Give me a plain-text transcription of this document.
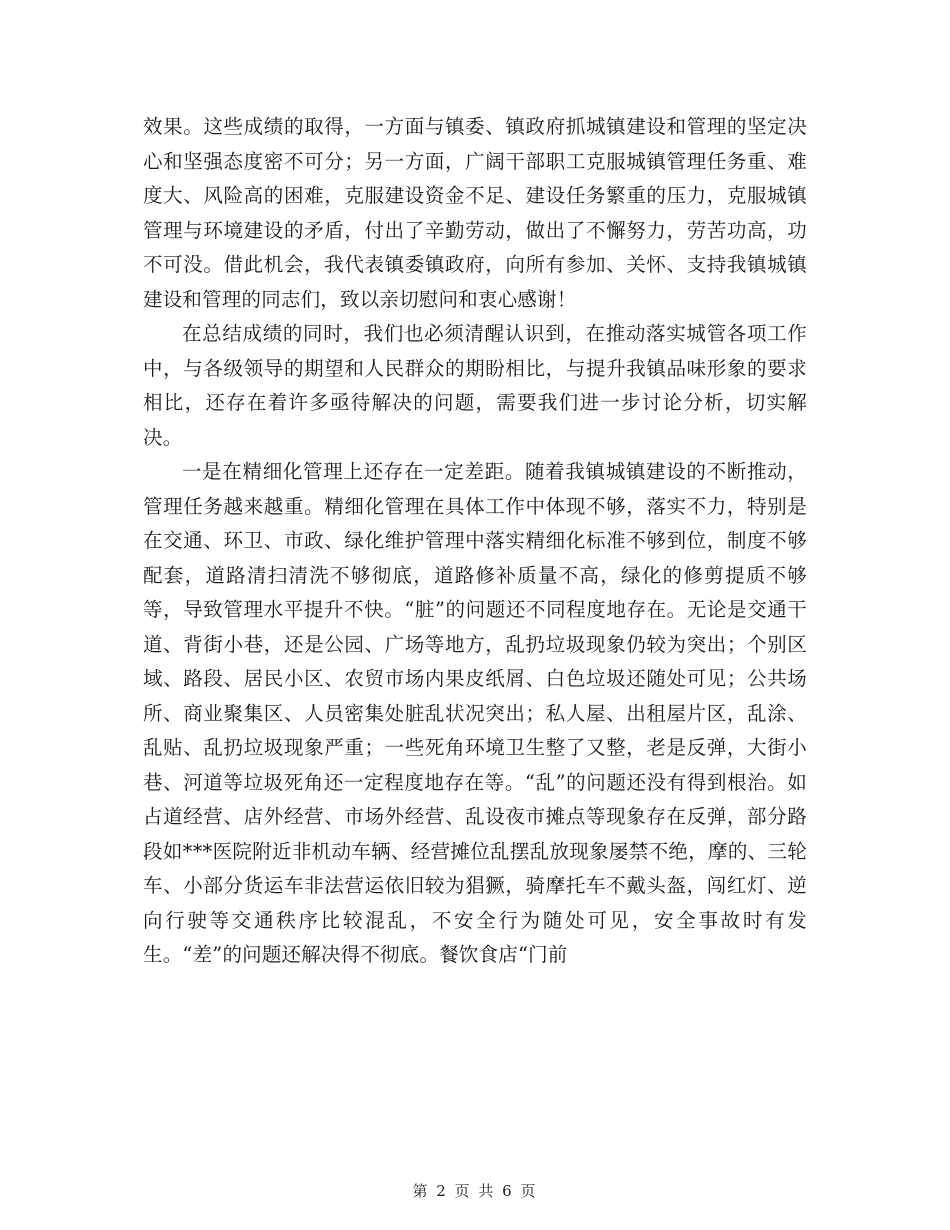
效果。这些成绩的取得，一方面与镇委、镇政府抓城镇建设和管理的坚定决心和坚强态度密不可分；另一方面，广阔干部职工克服城镇管理任务重、难度大、风险高的困难，克服建设资金不足、建设任务繁重的压力，克服城镇管理与环境建设的矛盾，付出了辛勤劳动，做出了不懈努力，劳苦功高，功不可没。借此机会，我代表镇委镇政府，向所有参加、关怀、支持我镇城镇建设和管理的同志们，致以亲切慰问和衷心感谢！

在总结成绩的同时，我们也必须清醒认识到，在推动落实城管各项工作中，与各级领导的期望和人民群众的期盼相比，与提升我镇品味形象的要求相比，还存在着许多亟待解决的问题，需要我们进一步讨论分析，切实解决。

一是在精细化管理上还存在一定差距。随着我镇城镇建设的不断推动，管理任务越来越重。精细化管理在具体工作中体现不够，落实不力，特别是在交通、环卫、市政、绿化维护管理中落实精细化标准不够到位，制度不够配套，道路清扫清洗不够彻底，道路修补质量不高，绿化的修剪提质不够等，导致管理水平提升不快。“脏”的问题还不同程度地存在。无论是交通干道、背街小巷，还是公园、广场等地方，乱扔垃圾现象仍较为突出；个别区域、路段、居民小区、农贸市场内果皮纸屑、白色垃圾还随处可见；公共场所、商业聚集区、人员密集处脏乱状况突出；私人屋、出租屋片区，乱涂、乱贴、乱扔垃圾现象严重；一些死角环境卫生整了又整，老是反弹，大街小巷、河道等垃圾死角还一定程度地存在等。“乱”的问题还没有得到根治。如占道经营、店外经营、市场外经营、乱设夜市摊点等现象存在反弹，部分路段如***医院附近非机动车辆、经营摊位乱摆乱放现象屡禁不绝，摩的、三轮车、小部分货运车非法营运依旧较为猖獗，骑摩托车不戴头盔，闯红灯、逆向行驶等交通秩序比较混乱，不安全行为随处可见，安全事故时有发生。“差”的问题还解决得不彻底。餐饮食店“门前

第 2 页 共 6 页
